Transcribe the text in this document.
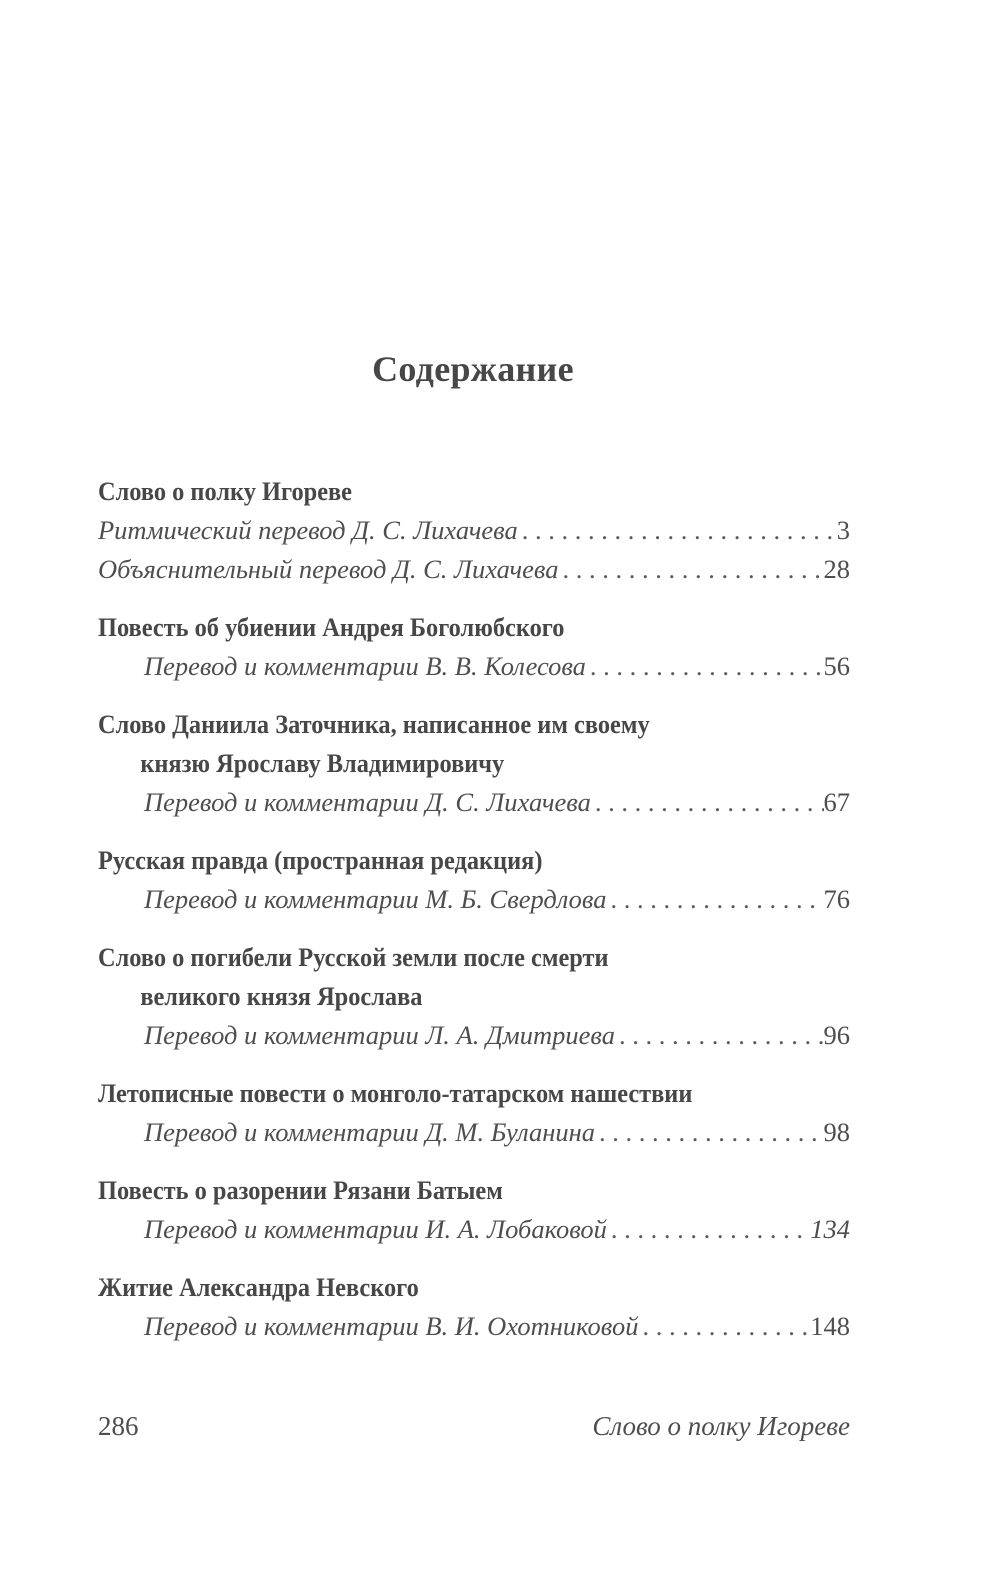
Содержание
Слово о полку Игореве
Ритмический перевод Д. С. Лихачева . . .	3
Объяснительный перевод Д. С. Лихачева . . .	28
Повесть об убиении Андрея Боголюбского
Перевод и комментарии В. В. Колесова . . .	56
Слово Даниила Заточника, написанное им своему
князю Ярославу Владимировичу
Перевод и комментарии Д. С. Лихачева . . .	67
Русская правда (пространная редакция)
Перевод и комментарии М. Б. Свердлова . . .	76
Слово о погибели Русской земли после смерти
великого князя Ярослава
Перевод и комментарии Л. А. Дмитриева . . .	96
Летописные повести о монголо-татарском нашествии
Перевод и комментарии Д. М. Буланина . . .	98
Повесть о разорении Рязани Батыем
Перевод и комментарии И. А. Лобаковой . . .	134
Житие Александра Невского
Перевод и комментарии В. И. Охотниковой . . .	148
286	Слово о полку Игореве
